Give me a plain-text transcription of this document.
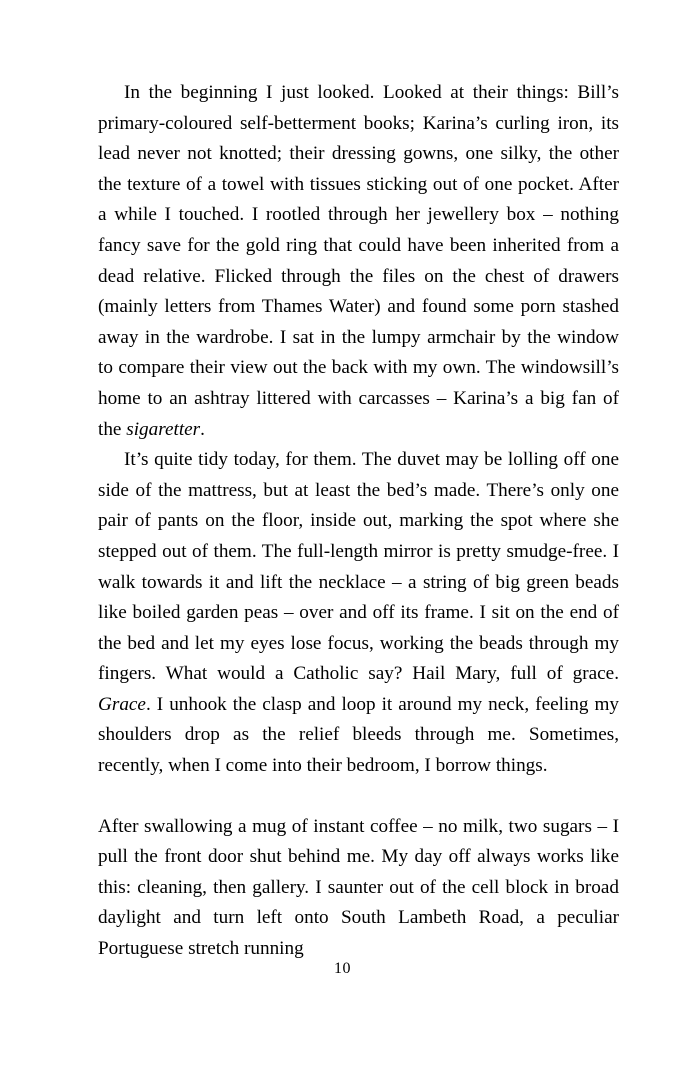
In the beginning I just looked. Looked at their things: Bill’s primary-coloured self-betterment books; Karina’s curling iron, its lead never not knotted; their dressing gowns, one silky, the other the texture of a towel with tissues sticking out of one pocket. After a while I touched. I rootled through her jewellery box – nothing fancy save for the gold ring that could have been inherited from a dead relative. Flicked through the files on the chest of drawers (mainly letters from Thames Water) and found some porn stashed away in the wardrobe. I sat in the lumpy armchair by the window to compare their view out the back with my own. The windowsill’s home to an ashtray littered with carcasses – Karina’s a big fan of the sigaretter.

It’s quite tidy today, for them. The duvet may be lolling off one side of the mattress, but at least the bed’s made. There’s only one pair of pants on the floor, inside out, marking the spot where she stepped out of them. The full-length mirror is pretty smudge-free. I walk towards it and lift the necklace – a string of big green beads like boiled garden peas – over and off its frame. I sit on the end of the bed and let my eyes lose focus, working the beads through my fingers. What would a Catholic say? Hail Mary, full of grace. Grace. I unhook the clasp and loop it around my neck, feeling my shoulders drop as the relief bleeds through me. Sometimes, recently, when I come into their bedroom, I borrow things.

After swallowing a mug of instant coffee – no milk, two sugars – I pull the front door shut behind me. My day off always works like this: cleaning, then gallery. I saunter out of the cell block in broad daylight and turn left onto South Lambeth Road, a peculiar Portuguese stretch running

10
